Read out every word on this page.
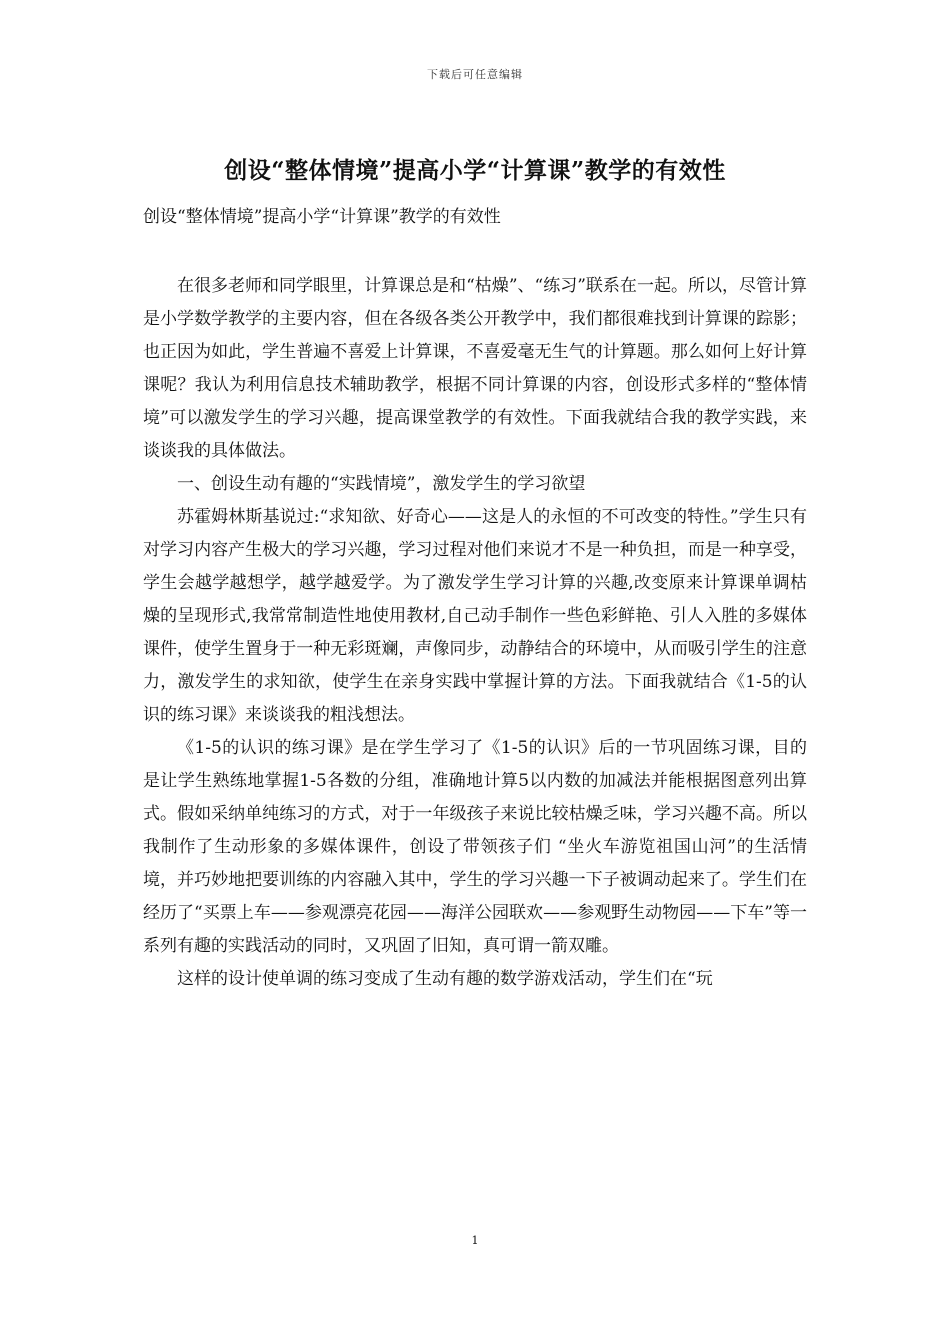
下载后可任意编辑
创设“整体情境”提高小学“计算课”教学的有效性
创设“整体情境”提高小学“计算课”教学的有效性

在很多老师和同学眼里，计算课总是和“枯燥”、“练习”联系在一起。所以，尽管计算是小学数学教学的主要内容，但在各级各类公开教学中，我们都很难找到计算课的踪影；也正因为如此，学生普遍不喜爱上计算课，不喜爱毫无生气的计算题。那么如何上好计算课呢？我认为利用信息技术辅助教学，根据不同计算课的内容，创设形式多样的“整体情境”可以激发学生的学习兴趣，提高课堂教学的有效性。下面我就结合我的教学实践，来谈谈我的具体做法。

一、创设生动有趣的“实践情境”，激发学生的学习欲望

苏霍姆林斯基说过:“求知欲、好奇心——这是人的永恒的不可改变的特性。”学生只有对学习内容产生极大的学习兴趣，学习过程对他们来说才不是一种负担，而是一种享受，学生会越学越想学，越学越爱学。为了激发学生学习计算的兴趣,改变原来计算课单调枯燥的呈现形式,我常常制造性地使用教材,自己动手制作一些色彩鲜艳、引人入胜的多媒体课件，使学生置身于一种无彩斑斓，声像同步，动静结合的环境中，从而吸引学生的注意力，激发学生的求知欲，使学生在亲身实践中掌握计算的方法。下面我就结合《1-5的认识的练习课》来谈谈我的粗浅想法。

《1-5的认识的练习课》是在学生学习了《1-5的认识》后的一节巩固练习课，目的是让学生熟练地掌握1-5各数的分组，准确地计算5以内数的加减法并能根据图意列出算式。假如采纳单纯练习的方式，对于一年级孩子来说比较枯燥乏味，学习兴趣不高。所以我制作了生动形象的多媒体课件，创设了带领孩子们 “坐火车游览祖国山河”的生活情境，并巧妙地把要训练的内容融入其中，学生的学习兴趣一下子被调动起来了。学生们在经历了“买票上车——参观漂亮花园——海洋公园联欢——参观野生动物园——下车”等一系列有趣的实践活动的同时，又巩固了旧知，真可谓一箭双雕。

这样的设计使单调的练习变成了生动有趣的数学游戏活动，学生们在“玩

1
